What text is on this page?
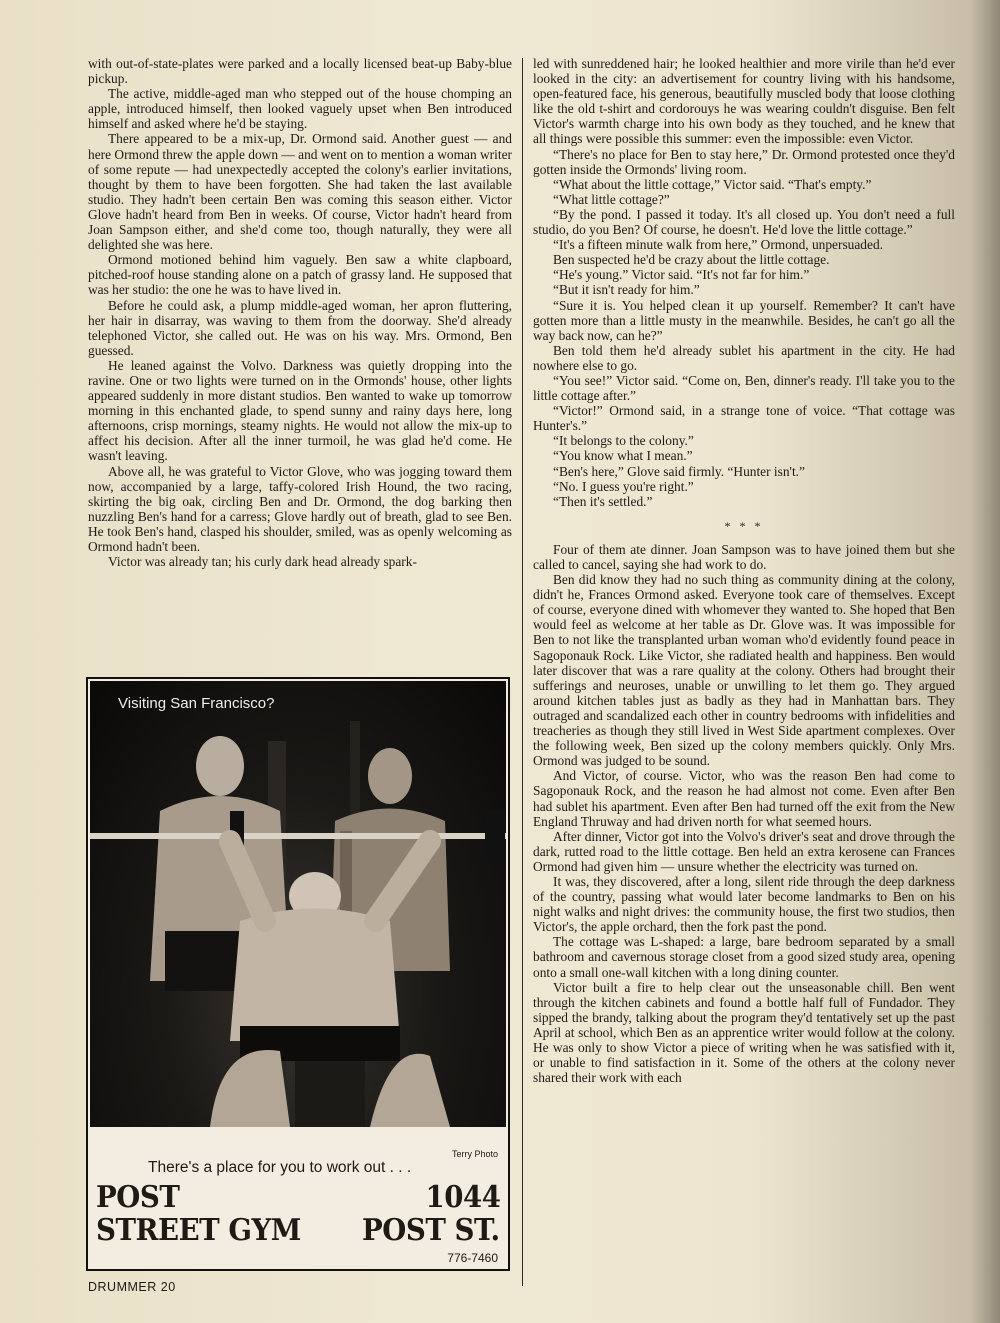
with out-of-state-plates were parked and a locally licensed beat-up Baby-blue pickup.

The active, middle-aged man who stepped out of the house chomping an apple, introduced himself, then looked vaguely upset when Ben introduced himself and asked where he'd be staying.

There appeared to be a mix-up, Dr. Ormond said. Another guest — and here Ormond threw the apple down — and went on to mention a woman writer of some repute — had unexpectedly accepted the colony's earlier invitations, thought by them to have been forgotten. She had taken the last available studio. They hadn't been certain Ben was coming this season either. Victor Glove hadn't heard from Ben in weeks. Of course, Victor hadn't heard from Joan Sampson either, and she'd come too, though naturally, they were all delighted she was here.

Ormond motioned behind him vaguely. Ben saw a white clapboard, pitched-roof house standing alone on a patch of grassy land. He supposed that was her studio: the one he was to have lived in.

Before he could ask, a plump middle-aged woman, her apron fluttering, her hair in disarray, was waving to them from the doorway. She'd already telephoned Victor, she called out. He was on his way. Mrs. Ormond, Ben guessed.

He leaned against the Volvo. Darkness was quietly dropping into the ravine. One or two lights were turned on in the Ormonds' house, other lights appeared suddenly in more distant studios. Ben wanted to wake up tomorrow morning in this enchanted glade, to spend sunny and rainy days here, long afternoons, crisp mornings, steamy nights. He would not allow the mix-up to affect his decision. After all the inner turmoil, he was glad he'd come. He wasn't leaving.

Above all, he was grateful to Victor Glove, who was jogging toward them now, accompanied by a large, taffy-colored Irish Hound, the two racing, skirting the big oak, circling Ben and Dr. Ormond, the dog barking then nuzzling Ben's hand for a carress; Glove hardly out of breath, glad to see Ben. He took Ben's hand, clasped his shoulder, smiled, was as openly welcoming as Ormond hadn't been.

Victor was already tan; his curly dark head already spark-

led with sunreddened hair; he looked healthier and more virile than he'd ever looked in the city: an advertisement for country living with his handsome, open-featured face, his generous, beautifully muscled body that loose clothing like the old t-shirt and cordorouys he was wearing couldn't disguise. Ben felt Victor's warmth charge into his own body as they touched, and he knew that all things were possible this summer: even the impossible: even Victor.

“There's no place for Ben to stay here,” Dr. Ormond protested once they'd gotten inside the Ormonds' living room.

“What about the little cottage,” Victor said. “That's empty.”

“What little cottage?”

“By the pond. I passed it today. It's all closed up. You don't need a full studio, do you Ben? Of course, he doesn't. He'd love the little cottage.”

“It's a fifteen minute walk from here,” Ormond, unpersuaded.

Ben suspected he'd be crazy about the little cottage.

“He's young.” Victor said. “It's not far for him.”

“But it isn't ready for him.”

“Sure it is. You helped clean it up yourself. Remember? It can't have gotten more than a little musty in the meanwhile. Besides, he can't go all the way back now, can he?”

Ben told them he'd already sublet his apartment in the city. He had nowhere else to go.

“You see!” Victor said. “Come on, Ben, dinner's ready. I'll take you to the little cottage after.”

“Victor!” Ormond said, in a strange tone of voice. “That cottage was Hunter's.”

“It belongs to the colony.”

“You know what I mean.”

“Ben's here,” Glove said firmly. “Hunter isn't.”

“No. I guess you're right.”

“Then it's settled.”

* * *

Four of them ate dinner. Joan Sampson was to have joined them but she called to cancel, saying she had work to do.

Ben did know they had no such thing as community dining at the colony, didn't he, Frances Ormond asked. Everyone took care of themselves. Except of course, everyone dined with whomever they wanted to. She hoped that Ben would feel as welcome at her table as Dr. Glove was. It was impossible for Ben to not like the transplanted urban woman who'd evidently found peace in Sagoponauk Rock. Like Victor, she radiated health and happiness. Ben would later discover that was a rare quality at the colony. Others had brought their sufferings and neuroses, unable or unwilling to let them go. They argued around kitchen tables just as badly as they had in Manhattan bars. They outraged and scandalized each other in country bedrooms with infidelities and treacheries as though they still lived in West Side apartment complexes. Over the following week, Ben sized up the colony members quickly. Only Mrs. Ormond was judged to be sound.

And Victor, of course. Victor, who was the reason Ben had come to Sagoponauk Rock, and the reason he had almost not come. Even after Ben had sublet his apartment. Even after Ben had turned off the exit from the New England Thruway and had driven north for what seemed hours.

After dinner, Victor got into the Volvo's driver's seat and drove through the dark, rutted road to the little cottage. Ben held an extra kerosene can Frances Ormond had given him — unsure whether the electricity was turned on.

It was, they discovered, after a long, silent ride through the deep darkness of the country, passing what would later become landmarks to Ben on his night walks and night drives: the community house, the first two studios, then Victor's, the apple orchard, then the fork past the pond.

The cottage was L-shaped: a large, bare bedroom separated by a small bathroom and cavernous storage closet from a good sized study area, opening onto a small one-wall kitchen with a long dining counter.

Victor built a fire to help clear out the unseasonable chill. Ben went through the kitchen cabinets and found a bottle half full of Fundador. They sipped the brandy, talking about the program they'd tentatively set up the past April at school, which Ben as an apprentice writer would follow at the colony. He was only to show Victor a piece of writing when he was satisfied with it, or unable to find satisfaction in it. Some of the others at the colony never shared their work with each

Visiting San Francisco?
Terry Photo
There's a place for you to work out . . .
POST
STREET GYM
1044
POST ST.
776-7460
DRUMMER 20
